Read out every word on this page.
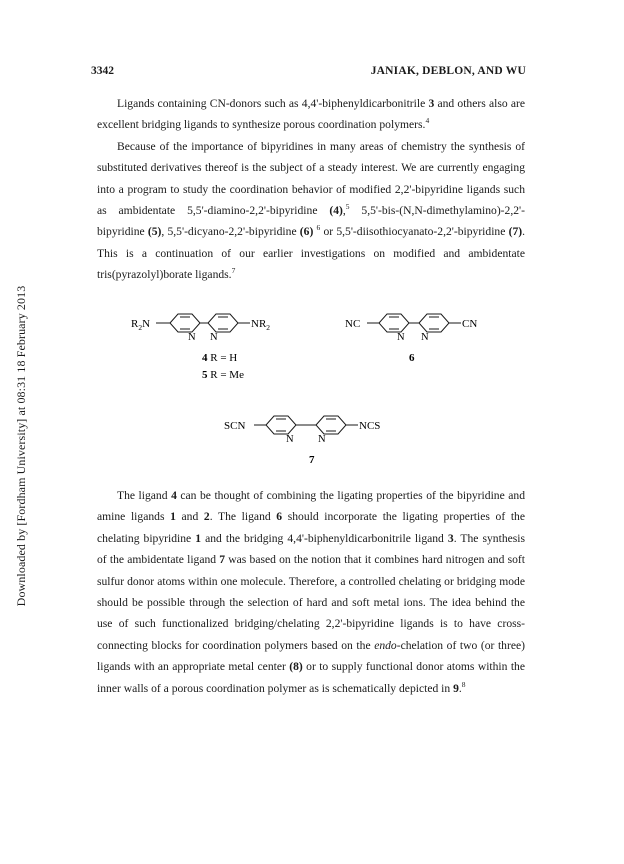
Downloaded by [Fordham University] at 08:31 18 February 2013
3342	JANIAK, DEBLON, AND WU

Ligands containing CN-donors such as 4,4'-biphenyldicarbonitrile 3 and others also are excellent bridging ligands to synthesize porous coordination polymers.$^4$

Because of the importance of bipyridines in many areas of chemistry the synthesis of substituted derivatives thereof is the subject of a steady interest. We are currently engaging into a program to study the coordination behavior of modified 2,2'-bipyridine ligands such as ambidentate 5,5'-diamino-2,2'-bipyridine (4),$^5$ 5,5'-bis-(N,N-dimethylamino)-2,2'-bipyridine (5), 5,5'-dicyano-2,2'-bipyridine (6) $^6$ or 5,5'-diisothiocyanato-2,2'-bipyridine (7). This is a continuation of our earlier investigations on modified and ambidentate tris(pyrazolyl)borate ligands.$^7$

$R_2N$	$NR_2$
N N
4 R = H
5 R = Me
NC	CN
N N
6
SCN	NCS
N N
7

The ligand 4 can be thought of combining the ligating properties of the bipyridine and amine ligands 1 and 2. The ligand 6 should incorporate the ligating properties of the chelating bipyridine 1 and the bridging 4,4'-biphenyldicarbonitrile ligand 3. The synthesis of the ambidentate ligand 7 was based on the notion that it combines hard nitrogen and soft sulfur donor atoms within one molecule. Therefore, a controlled chelating or bridging mode should be possible through the selection of hard and soft metal ions. The idea behind the use of such functionalized bridging/chelating 2,2'-bipyridine ligands is to have cross-connecting blocks for coordination polymers based on the endo-chelation of two (or three) ligands with an appropriate metal center (8) or to supply functional donor atoms within the inner walls of a porous coordination polymer as is schematically depicted in 9.$^8$
